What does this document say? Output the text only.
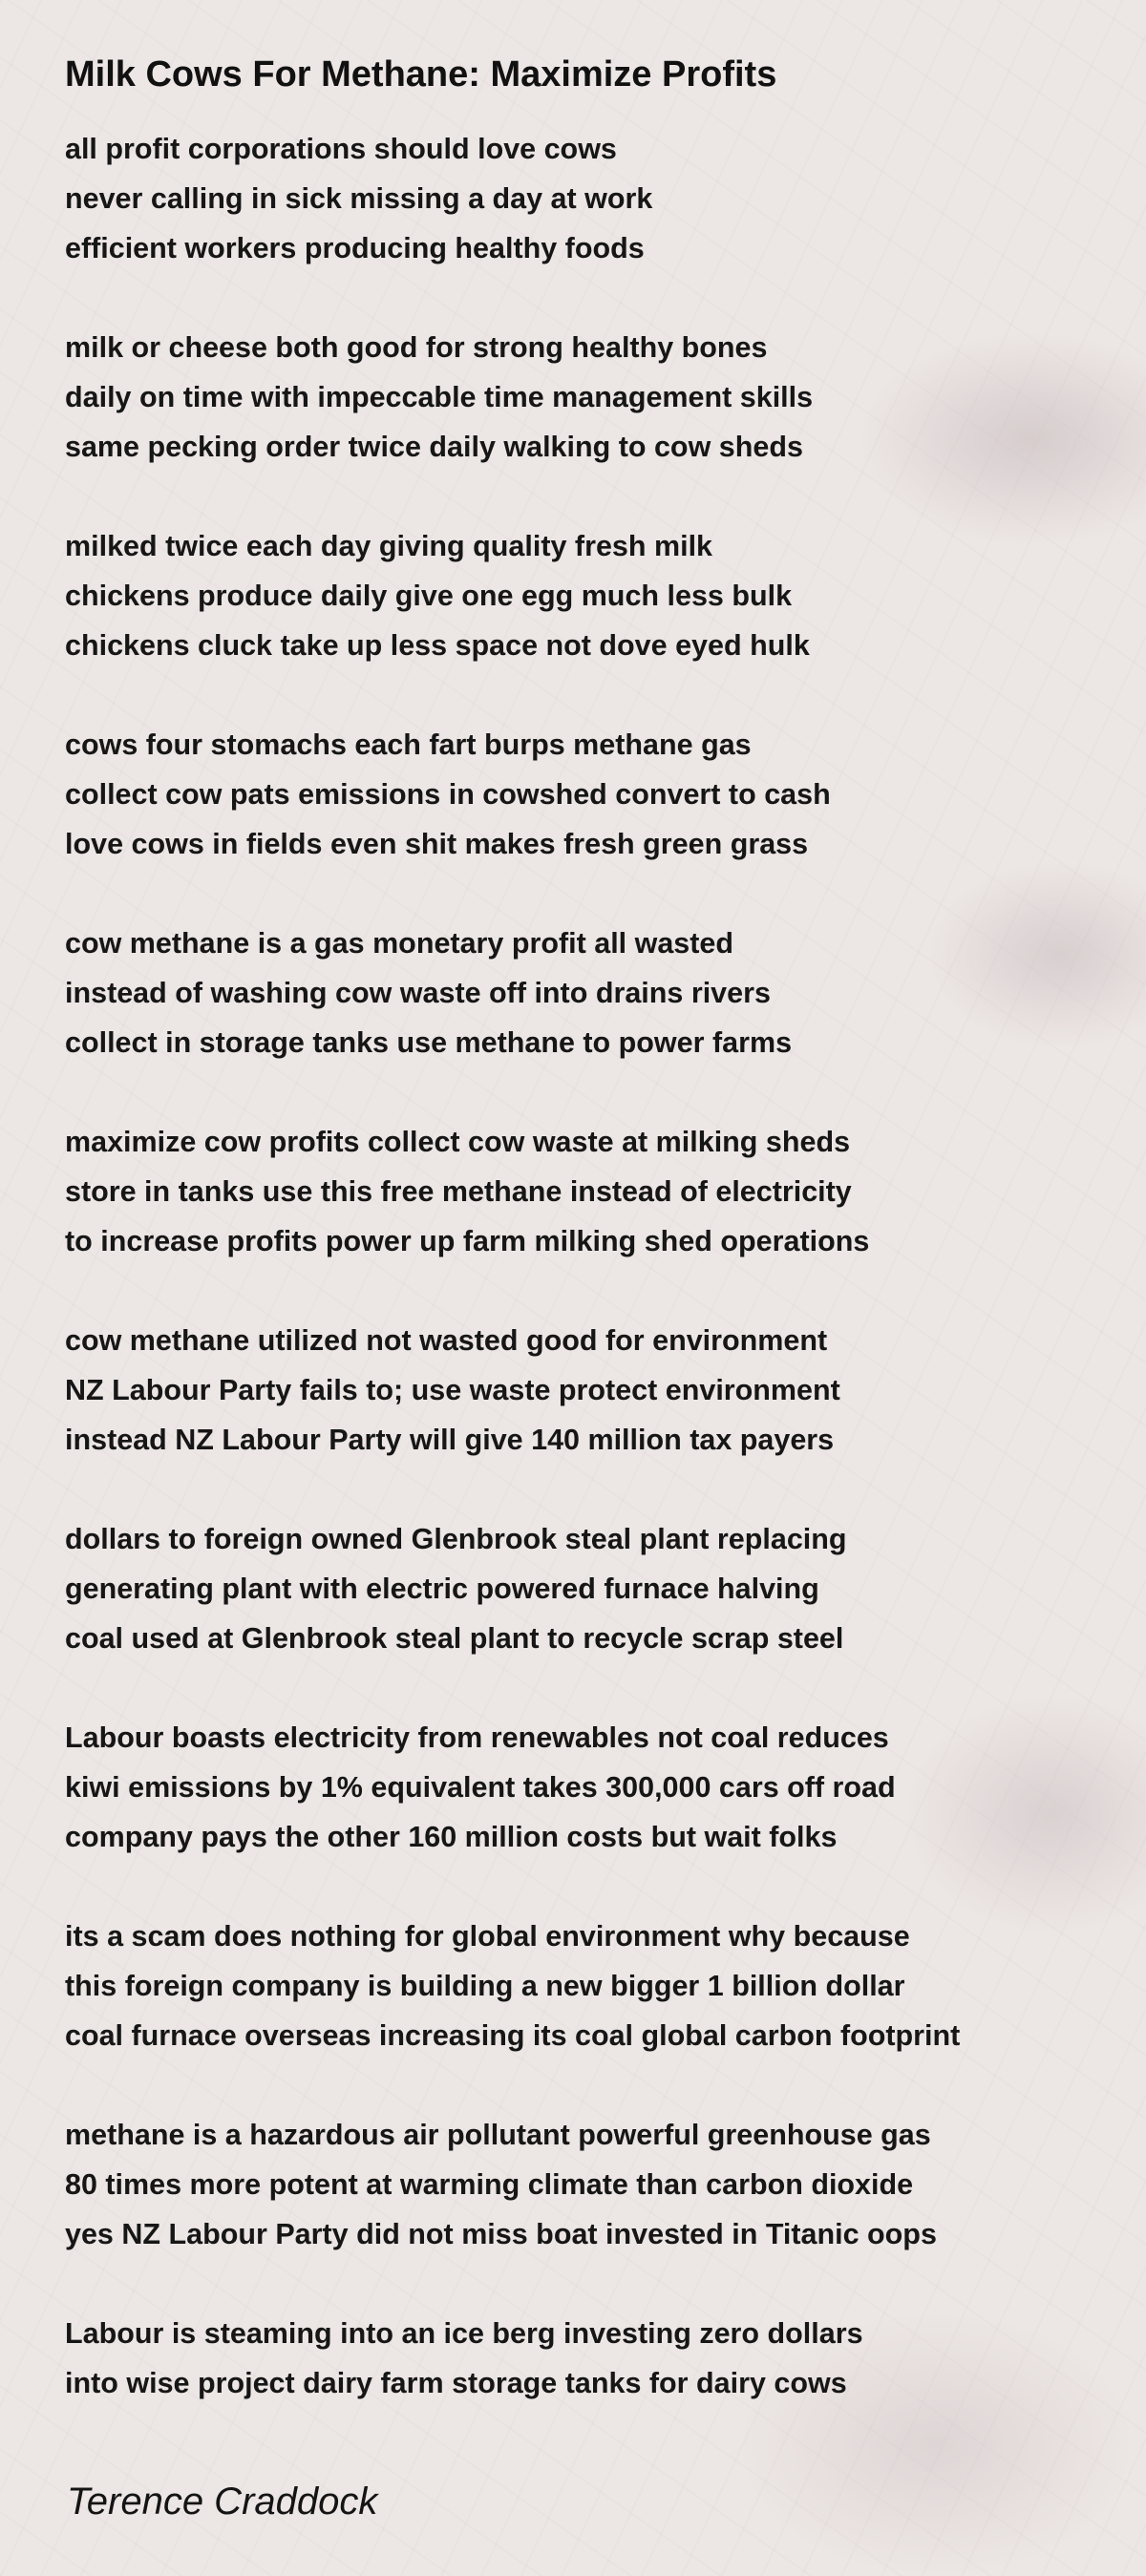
Milk Cows For Methane: Maximize Profits
all profit corporations should love cows
never calling in sick missing a day at work
efficient workers producing healthy foods
milk or cheese both good for strong healthy bones
daily on time with impeccable time management skills
same pecking order twice daily walking to cow sheds
milked twice each day giving quality fresh milk
chickens produce daily give one egg much less bulk
chickens cluck take up less space not dove eyed hulk
cows four stomachs each fart burps methane gas
collect cow pats emissions in cowshed convert to cash
love cows in fields even shit makes fresh green grass
cow methane is a gas monetary profit all wasted
instead of washing cow waste off into drains rivers
collect in storage tanks use methane to power farms
maximize cow profits collect cow waste at milking sheds
store in tanks use this free methane instead of electricity
to increase profits power up farm milking shed operations
cow methane utilized not wasted good for environment
NZ Labour Party fails to; use waste protect environment
instead NZ Labour Party will give 140 million tax payers
dollars to foreign owned Glenbrook steal plant replacing
generating plant with electric powered furnace halving
coal used at Glenbrook steal plant to recycle scrap steel
Labour boasts electricity from renewables not coal reduces
kiwi emissions by 1% equivalent takes 300,000 cars off road
company pays the other 160 million costs but wait folks
its a scam does nothing for global environment why because
this foreign company is building a new bigger 1 billion dollar
coal furnace overseas increasing its coal global carbon footprint
methane is a hazardous air pollutant powerful greenhouse gas
80 times more potent at warming climate than carbon dioxide
yes NZ Labour Party did not miss boat invested in Titanic oops
Labour is steaming into an ice berg investing zero dollars
into wise project dairy farm storage tanks for dairy cows
Terence Craddock
